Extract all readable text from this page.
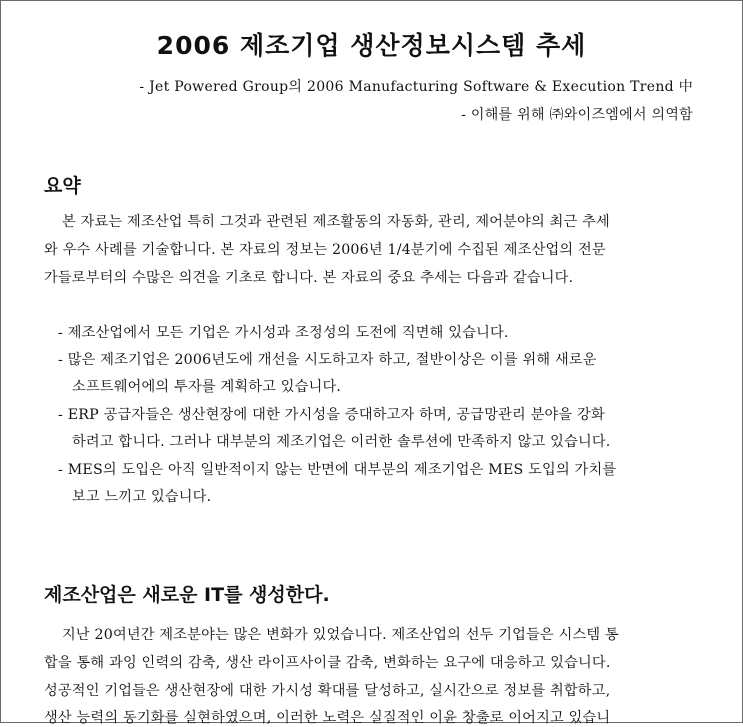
2006 제조기업 생산정보시스템 추세
- Jet Powered Group의 2006 Manufacturing Software & Execution Trend 中
- 이해를 위해 ㈜와이즈엠에서 의역함
요약
본 자료는 제조산업 특히 그것과 관련된 제조활동의 자동화, 관리, 제어분야의 최근 추세
와 우수 사례를 기술합니다. 본 자료의 정보는 2006년 1/4분기에 수집된 제조산업의 전문
가들로부터의 수많은 의견을 기초로 합니다. 본 자료의 중요 추세는 다음과 같습니다.
- 제조산업에서 모든 기업은 가시성과 조정성의 도전에 직면해 있습니다.
- 많은 제조기업은 2006년도에 개선을 시도하고자 하고, 절반이상은 이를 위해 새로운
소프트웨어에의 투자를 계획하고 있습니다.
- ERP 공급자들은 생산현장에 대한 가시성을 증대하고자 하며, 공급망관리 분야을 강화
하려고 합니다. 그러나 대부분의 제조기업은 이러한 솔루션에 만족하지 않고 있습니다.
- MES의 도입은 아직 일반적이지 않는 반면에 대부분의 제조기업은 MES 도입의 가치를
보고 느끼고 있습니다.
제조산업은 새로운 IT를 생성한다.
지난 20여년간 제조분야는 많은 변화가 있었습니다. 제조산업의 선두 기업들은 시스템 통
합을 통해 과잉 인력의 감축, 생산 라이프사이클 감축, 변화하는 요구에 대응하고 있습니다.
성공적인 기업들은 생산현장에 대한 가시성 확대를 달성하고, 실시간으로 정보를 취합하고,
생산 능력의 동기화를 실현하였으며, 이러한 노력은 실질적인 이윤 창출로 이어지고 있습니
